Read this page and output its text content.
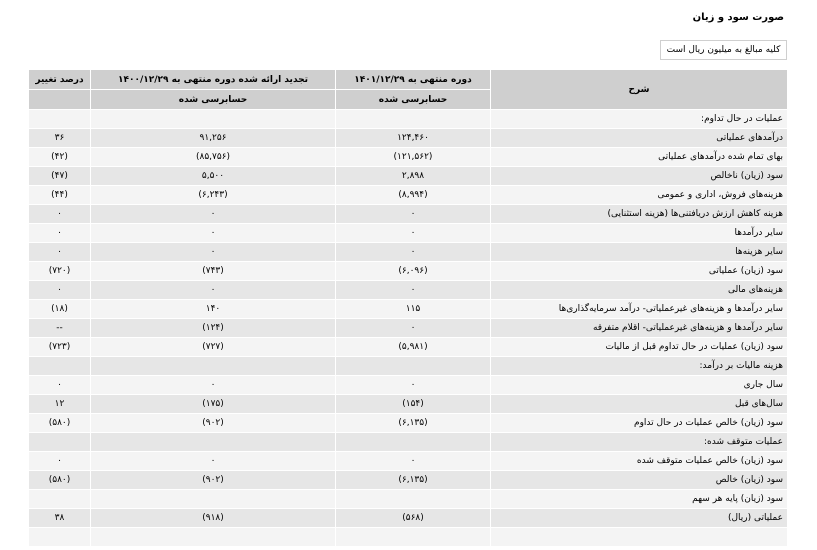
صورت سود و زیان
کلیه مبالغ به میلیون ریال است
شرح	دوره منتهی به ۱۴۰۱/۱۲/۲۹	تجدید ارائه شده دوره منتهی به ۱۴۰۰/۱۲/۲۹	درصد تغییر
	حسابرسی شده	حسابرسی شده	
عملیات در حال تداوم:			
درآمدهای عملیاتی	۱۲۴,۴۶۰	۹۱,۲۵۶	۳۶
بهای تمام شده درآمدهای عملیاتی	(۱۲۱,۵۶۲)	(۸۵,۷۵۶)	(۴۲)
سود (زیان) ناخالص	۲,۸۹۸	۵,۵۰۰	(۴۷)
هزینه‌های فروش، اداری و عمومی	(۸,۹۹۴)	(۶,۲۴۳)	(۴۴)
هزینه کاهش ارزش دریافتنی‌ها (هزینه استثنایی)	۰	۰	۰
سایر درآمدها	۰	۰	۰
سایر هزینه‌ها	۰	۰	۰
سود (زیان) عملیاتی	(۶,۰۹۶)	(۷۴۳)	(۷۲۰)
هزینه‌های مالی	۰	۰	۰
سایر درآمدها و هزینه‌های غیرعملیاتی- درآمد سرمایه‌گذاری‌ها	۱۱۵	۱۴۰	(۱۸)
سایر درآمدها و هزینه‌های غیرعملیاتی- اقلام متفرقه	۰	(۱۲۴)	--
سود (زیان) عملیات در حال تداوم قبل از مالیات	(۵,۹۸۱)	(۷۲۷)	(۷۲۳)
هزینه مالیات بر درآمد:			
سال جاری	۰	۰	۰
سال‌های قبل	(۱۵۴)	(۱۷۵)	۱۲
سود (زیان) خالص عملیات در حال تداوم	(۶,۱۳۵)	(۹۰۲)	(۵۸۰)
عملیات متوقف شده:			
سود (زیان) خالص عملیات متوقف شده	۰	۰	۰
سود (زیان) خالص	(۶,۱۳۵)	(۹۰۲)	(۵۸۰)
سود (زیان) پایه هر سهم			
عملیاتی (ریال)	(۵۶۸)	(۹۱۸)	۳۸
